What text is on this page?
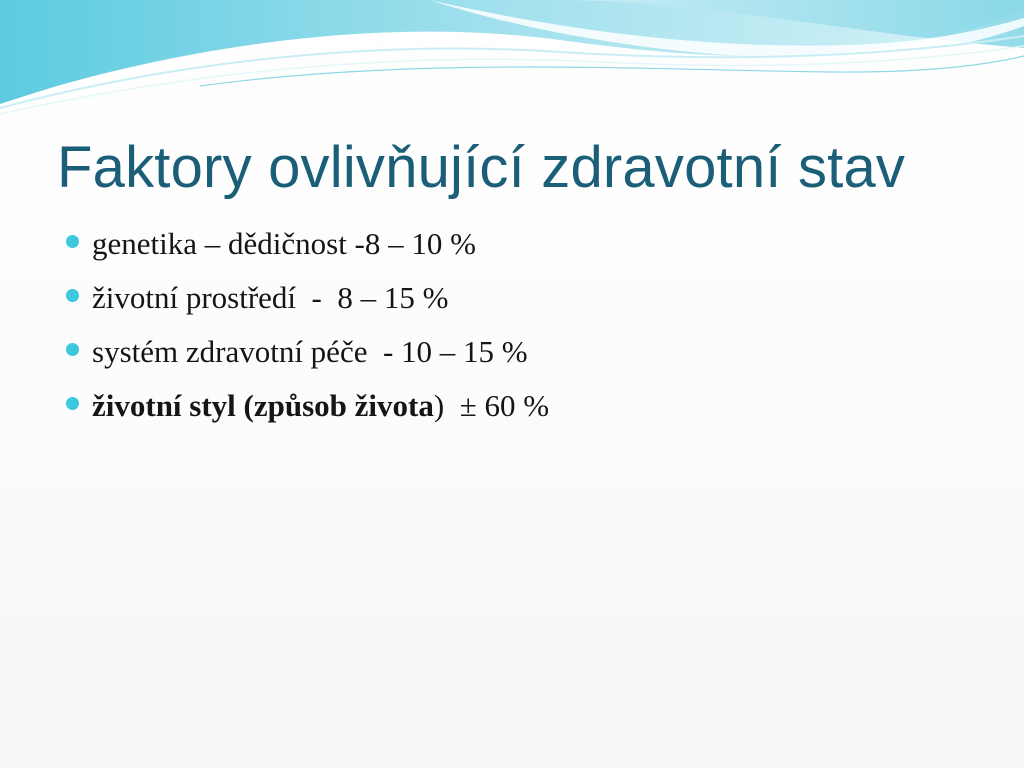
Faktory ovlivňující zdravotní stav
genetika – dědičnost -8 – 10 %
životní prostředí  -  8 – 15 %
systém zdravotní péče  - 10 – 15 %
životní styl (způsob života )  ± 60 %
